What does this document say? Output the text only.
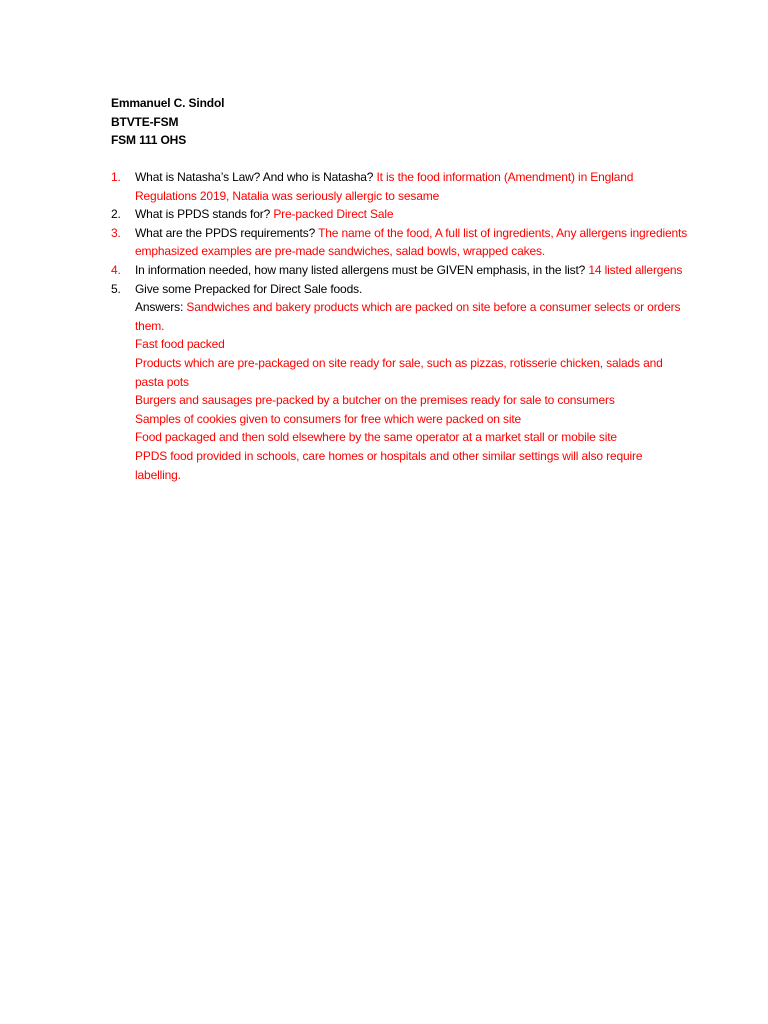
Emmanuel C. Sindol
BTVTE-FSM
FSM 111 OHS
1. What is Natasha’s Law? And who is Natasha? It is the food information (Amendment) in England Regulations 2019, Natalia was seriously allergic to sesame
2. What is PPDS stands for? Pre-packed Direct Sale
3. What are the PPDS requirements? The name of the food, A full list of ingredients, Any allergens ingredients emphasized examples are pre-made sandwiches, salad bowls, wrapped cakes.
4. In information needed, how many listed allergens must be GIVEN emphasis, in the list? 14 listed allergens
5. Give some Prepacked for Direct Sale foods.
Answers: Sandwiches and bakery products which are packed on site before a consumer selects or orders them.
Fast food packed
Products which are pre-packaged on site ready for sale, such as pizzas, rotisserie chicken, salads and pasta pots
Burgers and sausages pre-packed by a butcher on the premises ready for sale to consumers
Samples of cookies given to consumers for free which were packed on site
Food packaged and then sold elsewhere by the same operator at a market stall or mobile site
PPDS food provided in schools, care homes or hospitals and other similar settings will also require labelling.
